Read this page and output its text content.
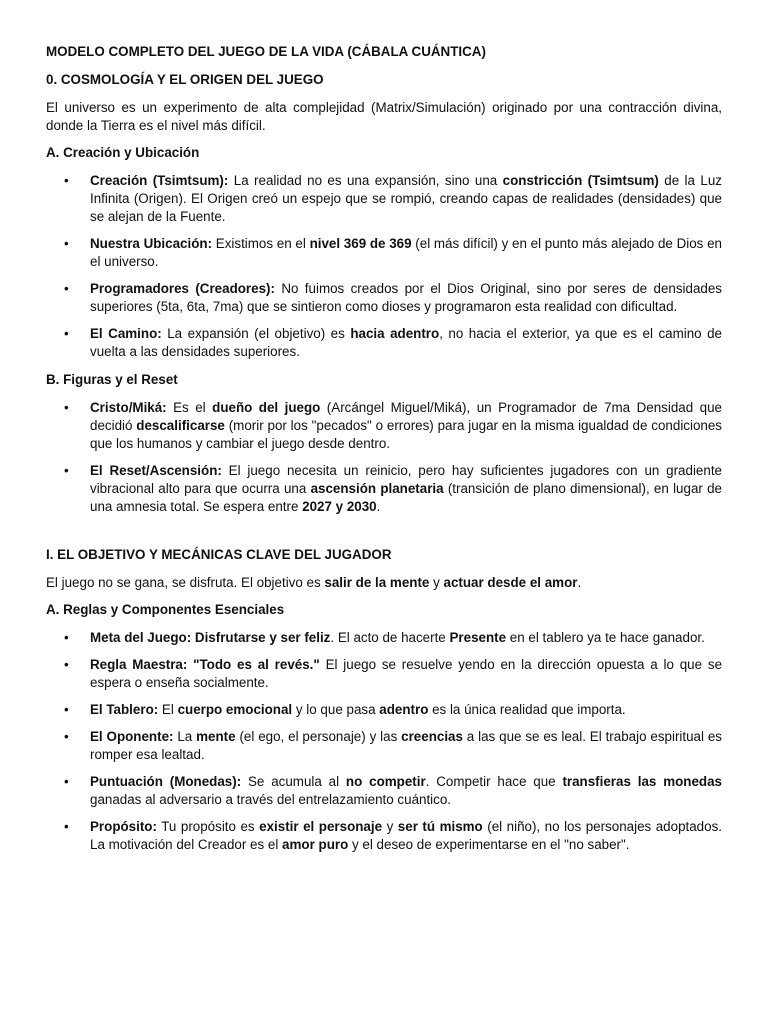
MODELO COMPLETO DEL JUEGO DE LA VIDA (CÁBALA CUÁNTICA)
0. COSMOLOGÍA Y EL ORIGEN DEL JUEGO

El universo es un experimento de alta complejidad (Matrix/Simulación) originado por una contracción divina, donde la Tierra es el nivel más difícil.

A. Creación y Ubicación
• Creación (Tsimtsum): La realidad no es una expansión, sino una constricción (Tsimtsum) de la Luz Infinita (Origen). El Origen creó un espejo que se rompió, creando capas de realidades (densidades) que se alejan de la Fuente.
• Nuestra Ubicación: Existimos en el nivel 369 de 369 (el más difícil) y en el punto más alejado de Dios en el universo.
• Programadores (Creadores): No fuimos creados por el Dios Original, sino por seres de densidades superiores (5ta, 6ta, 7ma) que se sintieron como dioses y programaron esta realidad con dificultad.
• El Camino: La expansión (el objetivo) es hacia adentro, no hacia el exterior, ya que es el camino de vuelta a las densidades superiores.
B. Figuras y el Reset
• Cristo/Miká: Es el dueño del juego (Arcángel Miguel/Miká), un Programador de 7ma Densidad que decidió descalificarse (morir por los "pecados" o errores) para jugar en la misma igualdad de condiciones que los humanos y cambiar el juego desde dentro.
• El Reset/Ascensión: El juego necesita un reinicio, pero hay suficientes jugadores con un gradiente vibracional alto para que ocurra una ascensión planetaria (transición de plano dimensional), en lugar de una amnesia total. Se espera entre 2027 y 2030.
I. EL OBJETIVO Y MECÁNICAS CLAVE DEL JUGADOR

El juego no se gana, se disfruta. El objetivo es salir de la mente y actuar desde el amor.

A. Reglas y Componentes Esenciales
• Meta del Juego: Disfrutarse y ser feliz. El acto de hacerte Presente en el tablero ya te hace ganador.
• Regla Maestra: "Todo es al revés." El juego se resuelve yendo en la dirección opuesta a lo que se espera o enseña socialmente.
• El Tablero: El cuerpo emocional y lo que pasa adentro es la única realidad que importa.
• El Oponente: La mente (el ego, el personaje) y las creencias a las que se es leal. El trabajo espiritual es romper esa lealtad.
• Puntuación (Monedas): Se acumula al no competir. Competir hace que transfieras las monedas ganadas al adversario a través del entrelazamiento cuántico.
• Propósito: Tu propósito es existir el personaje y ser tú mismo (el niño), no los personajes adoptados. La motivación del Creador es el amor puro y el deseo de experimentarse en el "no saber".
